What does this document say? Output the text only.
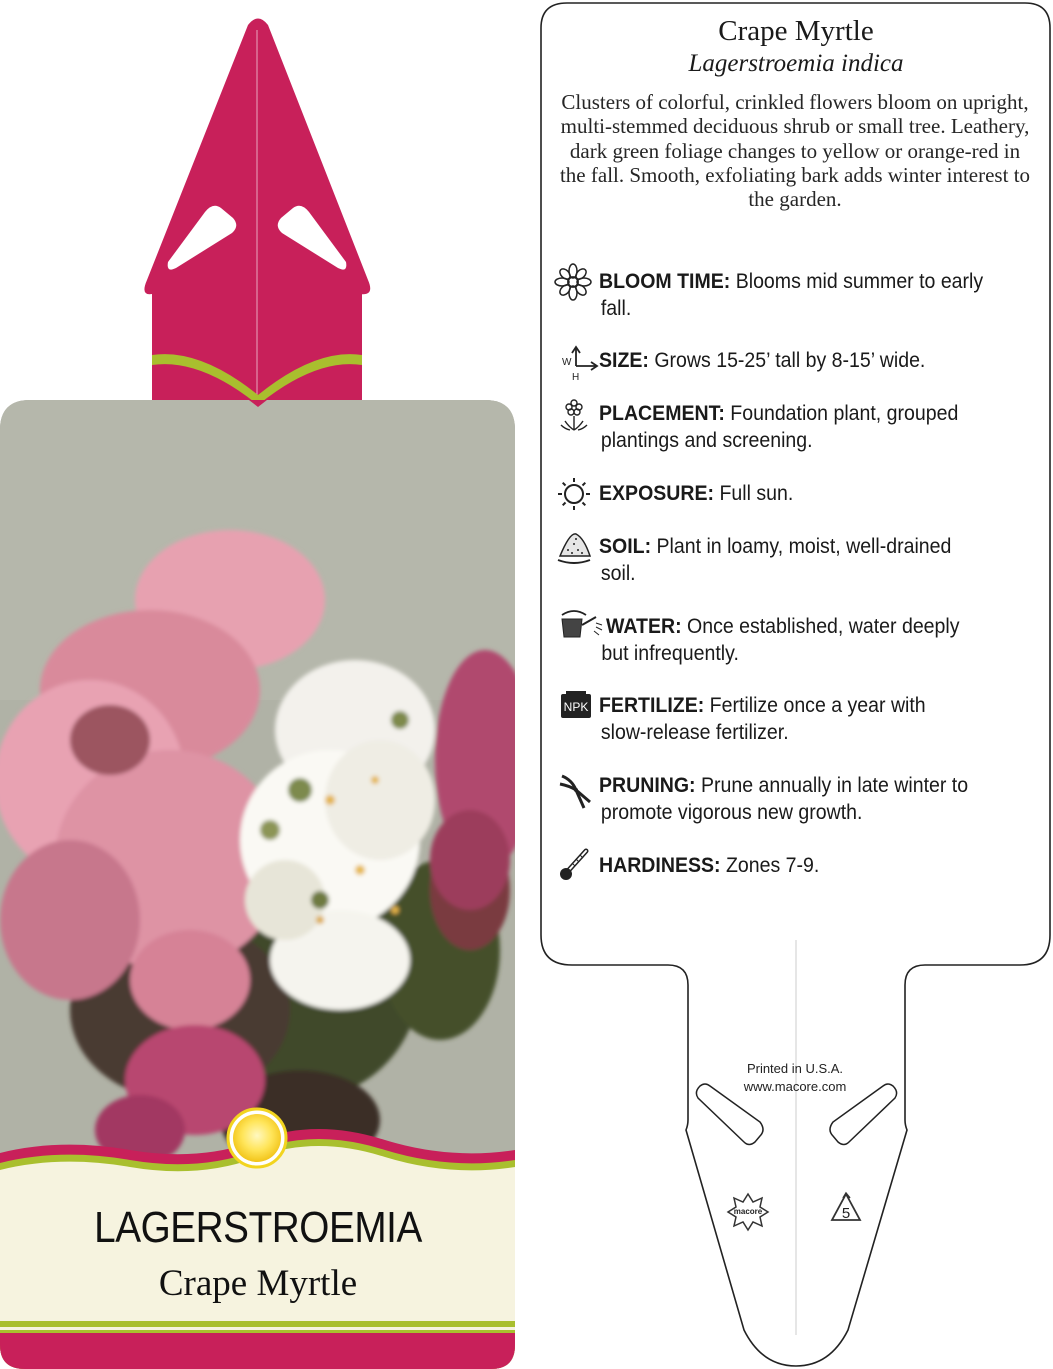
macore	5
W
H
NPK
Crape Myrtle
Lagerstroemia indica
Clusters of colorful, crinkled flowers bloom on upright, multi-stemmed deciduous shrub or small tree. Leathery, dark green foliage changes to yellow or orange-red in the fall. Smooth, exfoliating bark adds winter interest to the garden.
BLOOM TIME: Blooms mid summer to early
fall.
SIZE: Grows 15-25’ tall by 8-15’ wide.
PLACEMENT: Foundation plant, grouped
plantings and screening.
EXPOSURE: Full sun.
SOIL: Plant in loamy, moist, well-drained
soil.
WATER: Once established, water deeply
but infrequently.
FERTILIZE: Fertilize once a year with
slow-release fertilizer.
PRUNING: Prune annually in late winter to
promote vigorous new growth.
HARDINESS: Zones 7-9.
Printed in U.S.A.
www.macore.com
LAGERSTROEMIA
Crape Myrtle
